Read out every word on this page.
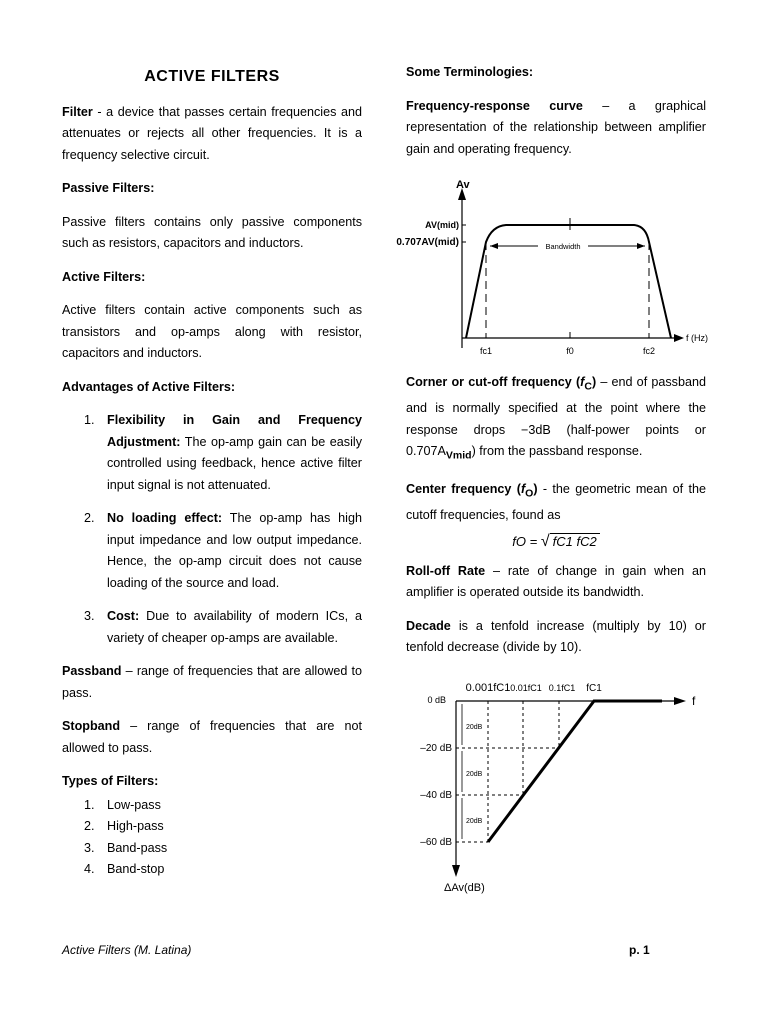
ACTIVE FILTERS

Filter - a device that passes certain frequencies and attenuates or rejects all other frequencies. It is a frequency selective circuit.

Passive Filters:

Passive filters contains only passive components such as resistors, capacitors and inductors.

Active Filters:

Active filters contain active components such as transistors and op-amps along with resistor, capacitors and inductors.

Advantages of Active Filters:

1. Flexibility in Gain and Frequency Adjustment: The op-amp gain can be easily controlled using feedback, hence active filter input signal is not attenuated.
2. No loading effect: The op-amp has high input impedance and low output impedance. Hence, the op-amp circuit does not cause loading of the source and load.
3. Cost: Due to availability of modern ICs, a variety of cheaper op-amps are available.

Passband – range of frequencies that are allowed to pass.

Stopband – range of frequencies that are not allowed to pass.

Types of Filters:

1. Low-pass
2. High-pass
3. Band-pass
4. Band-stop

Some Terminologies:

Frequency-response curve – a graphical representation of the relationship between amplifier gain and operating frequency.

Bandwidth
Av
AV(mid)
0.707AV(mid)
fc1	f0	fc2
f (Hz)

Corner or cut-off frequency $(f_C)$ – end of passband and is normally specified at the point where the response drops −3dB (half-power points or $0.707A_{Vmid}$) from the passband response.

Center frequency $(f_O)$ - the geometric mean of the cutoff frequencies, found as

fO = √ fC1 fC2

Roll-off Rate – rate of change in gain when an amplifier is operated outside its bandwidth.

Decade is a tenfold increase (multiply by 10) or tenfold decrease (divide by 10).

20dB
20dB
20dB
0 dB
–20 dB
–40 dB
–60 dB
0.001fC1 0.01fC1 0.1fC1 fC1
f
ΔAv(dB)
Active Filters (M. Latina)	p. 1
